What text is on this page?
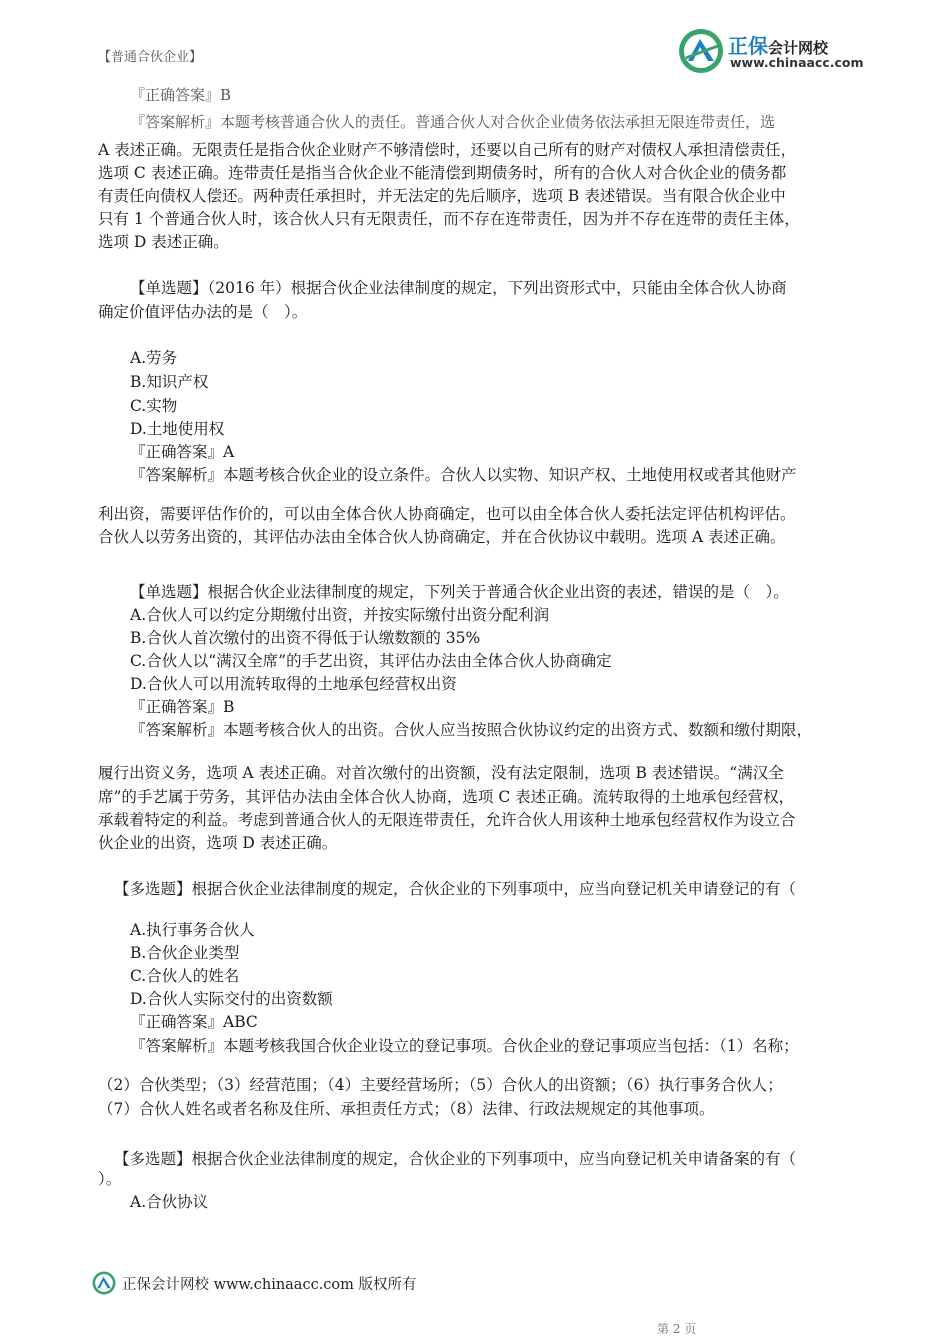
【普通合伙企业】
『正确答案』B
『答案解析』本题考核普通合伙人的责任。普通合伙人对合伙企业债务依法承担无限连带责任，选
正保会计网校
www.chinaacc.com
A 表述正确。无限责任是指合伙企业财产不够清偿时，还要以自己所有的财产对债权人承担清偿责任，
选项 C 表述正确。连带责任是指当合伙企业不能清偿到期债务时，所有的合伙人对合伙企业的债务都
有责任向债权人偿还。两种责任承担时，并无法定的先后顺序，选项 B 表述错误。当有限合伙企业中
只有 1 个普通合伙人时，该合伙人只有无限责任，而不存在连带责任，因为并不存在连带的责任主体，
选项 D 表述正确。
【单选题】（2016 年）根据合伙企业法律制度的规定，下列出资形式中，只能由全体合伙人协商
确定价值评估办法的是（　）。
A.劳务
B.知识产权
C.实物
D.土地使用权
『正确答案』A
『答案解析』本题考核合伙企业的设立条件。合伙人以实物、知识产权、土地使用权或者其他财产
利出资，需要评估作价的，可以由全体合伙人协商确定，也可以由全体合伙人委托法定评估机构评估。
合伙人以劳务出资的，其评估办法由全体合伙人协商确定，并在合伙协议中载明。选项 A 表述正确。
【单选题】根据合伙企业法律制度的规定，下列关于普通合伙企业出资的表述，错误的是（　）。
A.合伙人可以约定分期缴付出资，并按实际缴付出资分配利润
B.合伙人首次缴付的出资不得低于认缴数额的 35%
C.合伙人以“满汉全席”的手艺出资，其评估办法由全体合伙人协商确定
D.合伙人可以用流转取得的土地承包经营权出资
『正确答案』B
『答案解析』本题考核合伙人的出资。合伙人应当按照合伙协议约定的出资方式、数额和缴付期限，
履行出资义务，选项 A 表述正确。对首次缴付的出资额，没有法定限制，选项 B 表述错误。“满汉全
席”的手艺属于劳务，其评估办法由全体合伙人协商，选项 C 表述正确。流转取得的土地承包经营权，
承载着特定的利益。考虑到普通合伙人的无限连带责任，允许合伙人用该种土地承包经营权作为设立合
伙企业的出资，选项 D 表述正确。
【多选题】根据合伙企业法律制度的规定，合伙企业的下列事项中，应当向登记机关申请登记的有（
A.执行事务合伙人
B.合伙企业类型
C.合伙人的姓名
D.合伙人实际交付的出资数额
『正确答案』ABC
『答案解析』本题考核我国合伙企业设立的登记事项。合伙企业的登记事项应当包括：（1）名称；
（2）合伙类型；（3）经营范围；（4）主要经营场所；（5）合伙人的出资额；（6）执行事务合伙人；
（7）合伙人姓名或者名称及住所、承担责任方式；（8）法律、行政法规规定的其他事项。
【多选题】根据合伙企业法律制度的规定，合伙企业的下列事项中，应当向登记机关申请备案的有（
）。
A.合伙协议
正保会计网校 www.chinaacc.com 版权所有
第 2 页
